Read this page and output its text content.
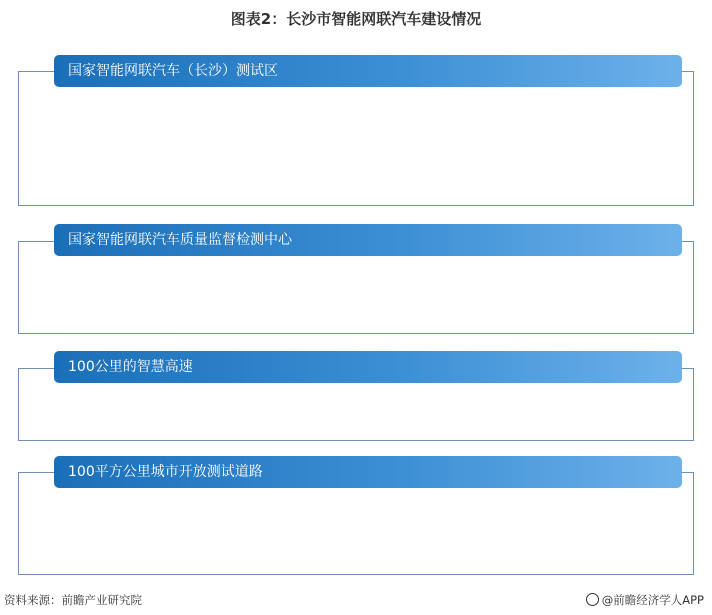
图表2：长沙市智能网联汽车建设情况
国家智能网联汽车（长沙）测试区

国家智能网联汽车质量监督检测中心

100公里的智慧高速

100平方公里城市开放测试道路

资料来源：前瞻产业研究院	@前瞻经济学人APP
